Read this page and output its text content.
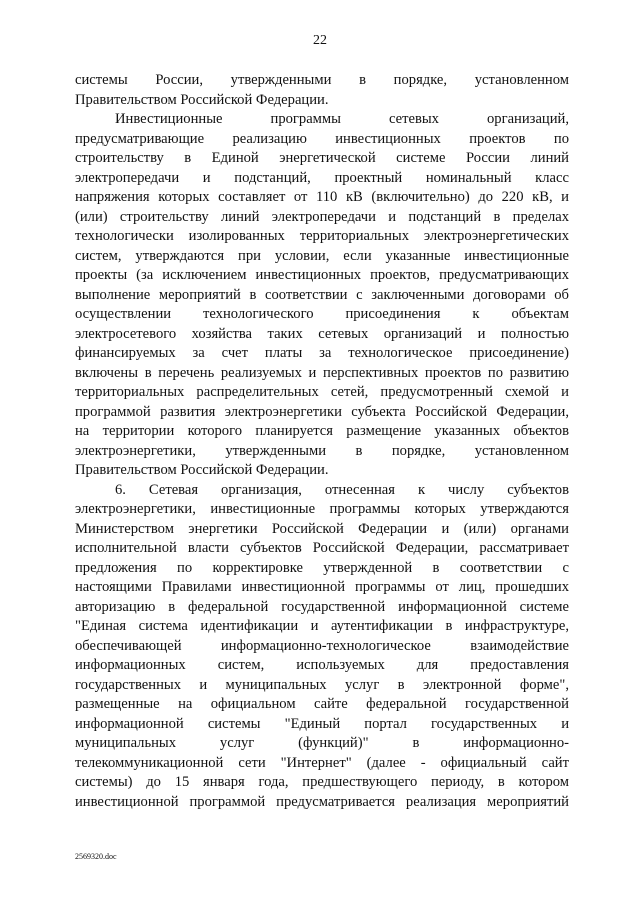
22
системы России, утвержденными в порядке, установленном
Правительством Российской Федерации.
Инвестиционные программы сетевых организаций,
предусматривающие реализацию инвестиционных проектов по
строительству в Единой энергетической системе России линий
электропередачи и подстанций, проектный номинальный класс
напряжения которых составляет от 110 кВ (включительно) до 220 кВ, и
(или) строительству линий электропередачи и подстанций в пределах
технологически изолированных территориальных электроэнергетических
систем, утверждаются при условии, если указанные инвестиционные
проекты (за исключением инвестиционных проектов, предусматривающих
выполнение мероприятий в соответствии с заключенными договорами об
осуществлении технологического присоединения к объектам
электросетевого хозяйства таких сетевых организаций и полностью
финансируемых за счет платы за технологическое присоединение)
включены в перечень реализуемых и перспективных проектов по развитию
территориальных распределительных сетей, предусмотренный схемой и
программой развития электроэнергетики субъекта Российской Федерации,
на территории которого планируется размещение указанных объектов
электроэнергетики, утвержденными в порядке, установленном
Правительством Российской Федерации.
6. Сетевая организация, отнесенная к числу субъектов
электроэнергетики, инвестиционные программы которых утверждаются
Министерством энергетики Российской Федерации и (или) органами
исполнительной власти субъектов Российской Федерации, рассматривает
предложения по корректировке утвержденной в соответствии с
настоящими Правилами инвестиционной программы от лиц, прошедших
авторизацию в федеральной государственной информационной системе
"Единая система идентификации и аутентификации в инфраструктуре,
обеспечивающей информационно-технологическое взаимодействие
информационных систем, используемых для предоставления
государственных и муниципальных услуг в электронной форме",
размещенные на официальном сайте федеральной государственной
информационной системы "Единый портал государственных и
муниципальных услуг (функций)" в информационно-
телекоммуникационной сети "Интернет" (далее - официальный сайт
системы) до 15 января года, предшествующего периоду, в котором
инвестиционной программой предусматривается реализация мероприятий
2569320.doc
